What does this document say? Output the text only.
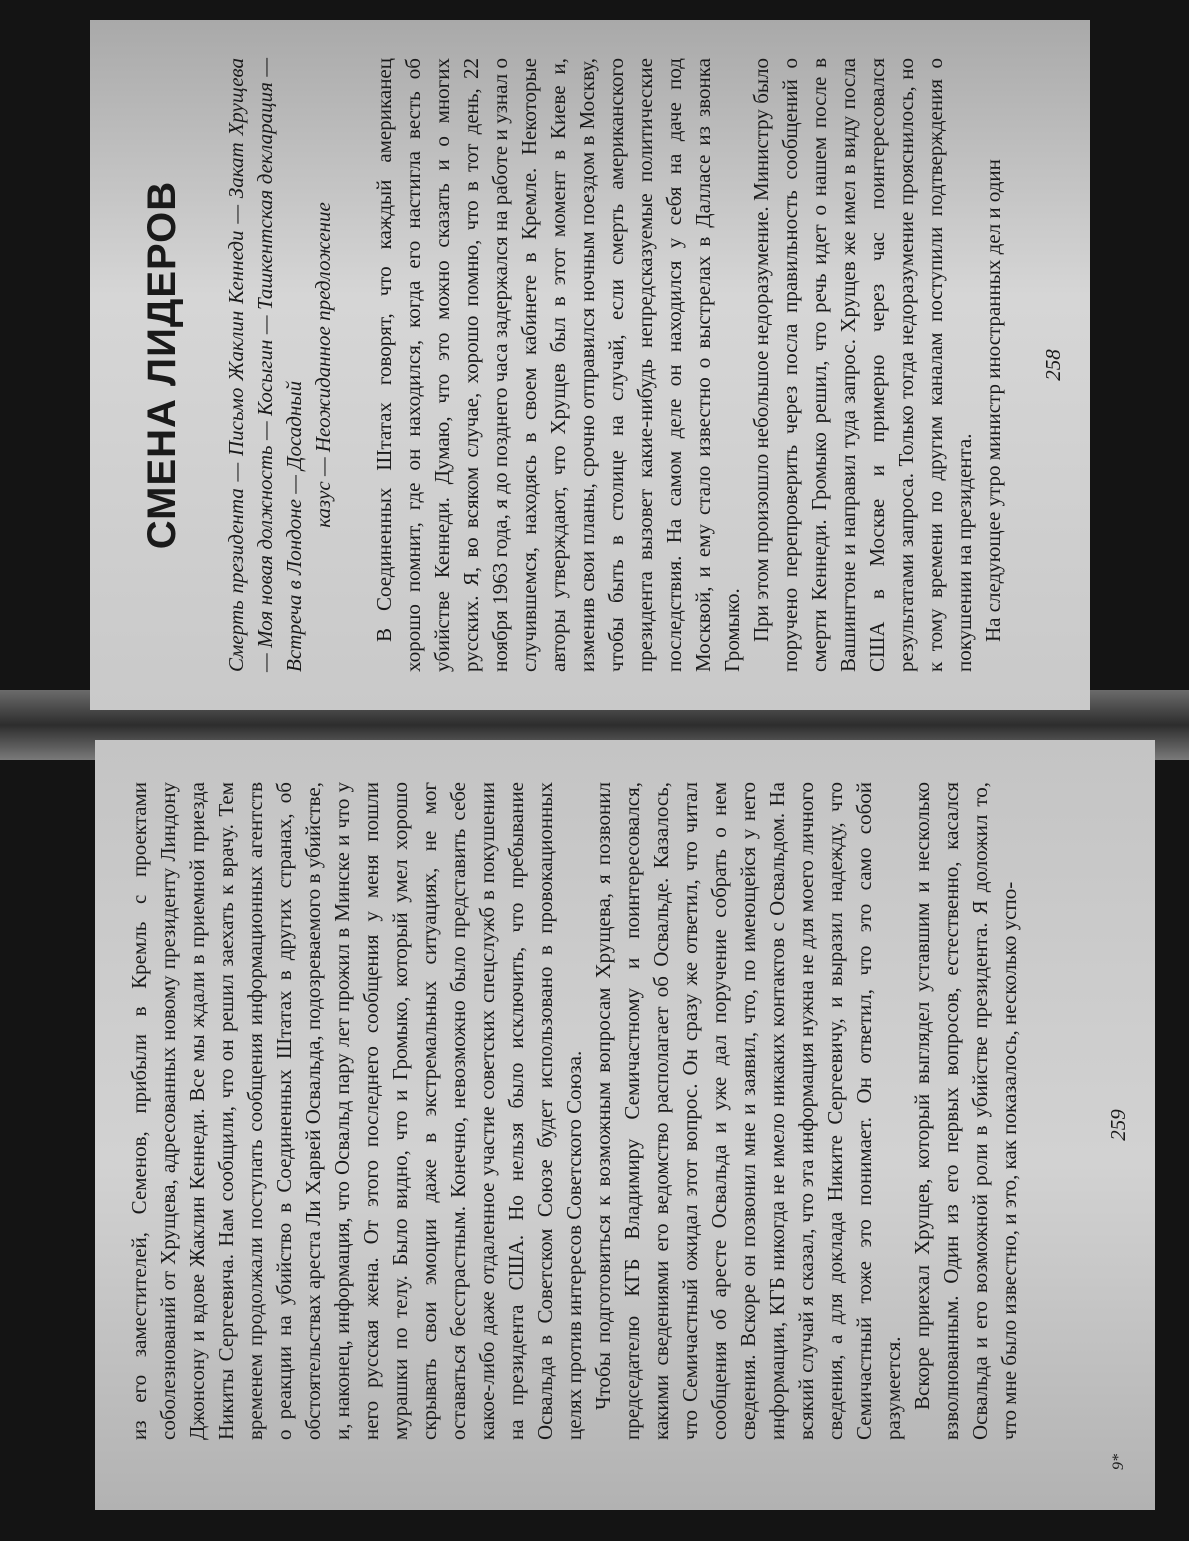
СМЕНА ЛИДЕРОВ Смерть президента — Письмо Жаклин Кеннеди — Закат Хрущева — Моя новая должность — Косыгин — Ташкентская декларация — Встреча в Лондоне — Досадный казус — Неожиданное предложение В Соединенных Штатах говорят, что каждый американец хорошо помнит, где он находился, когда его настигла весть об убийстве Кеннеди. Думаю, что это можно сказать и о многих русских. Я, во всяком случае, хорошо помню, что в тот день, 22 ноября 1963 года, я до позднего часа задержался на работе и узнал о случившемся, находясь в своем кабинете в Кремле. Некоторые авторы утверждают, что Хрущев был в этот момент в Киеве и, изменив свои планы, срочно отправился ночным поездом в Москву, чтобы быть в столице на случай, если смерть американского президента вызовет какие-нибудь непредсказуемые политические последствия. На самом деле он находился у себя на даче под Москвой, и ему стало известно о выстрелах в Далласе из звонка Громыко. При этом произошло небольшое недоразумение. Министру было поручено перепроверить через посла правильность сообщений о смерти Кеннеди. Громыко решил, что речь идет о нашем после в Вашингтоне и направил туда запрос. Хрущев же имел в виду посла США в Москве и примерно через час поинтересовался результатами запроса. Только тогда недоразумение прояснилось, но к тому времени по другим каналам поступили подтверждения о покушении на президента. На следующее утро министр иностранных дел и один 258

из его заместителей, Семенов, прибыли в Кремль с проектами соболезнований от Хрущева, адресованных новому президенту Линдону Джонсону и вдове Жаклин Кеннеди. Все мы ждали в приемной приезда Никиты Сергеевича. Нам сообщили, что он решил заехать к врачу. Тем временем продолжали поступать сообщения информационных агентств о реакции на убийство в Соединенных Штатах в других странах, об обстоятельствах ареста Ли Харвей Освальда, подозреваемого в убийстве, и, наконец, информация, что Освальд пару лет прожил в Минске и что у него русская жена. От этого последнего сообщения у меня пошли мурашки по телу. Было видно, что и Громыко, который умел хорошо скрывать свои эмоции даже в экстремальных ситуациях, не мог оставаться бесстрастным. Конечно, невозможно было представить себе какое-либо даже отдаленное участие советских спецслужб в покушении на президента США. Но нельзя было исключить, что пребывание Освальда в Советском Союзе будет использовано в провокационных целях против интересов Советского Союза. Чтобы подготовиться к возможным вопросам Хрущева, я позвонил председателю КГБ Владимиру Семичастному и поинтересовался, какими сведениями его ведомство располагает об Освальде. Казалось, что Семичастный ожидал этот вопрос. Он сразу же ответил, что читал сообщения об аресте Освальда и уже дал поручение собрать о нем сведения. Вскоре он позвонил мне и заявил, что, по имеющейся у него информации, КГБ никогда не имело никаких контактов с Освальдом. На всякий случай я сказал, что эта информация нужна не для моего личного сведения, а для доклада Никите Сергеевичу, и выразил надежду, что Семичастный тоже это понимает. Он ответил, что это само собой разумеется. Вскоре приехал Хрущев, который выглядел уставшим и несколько взволнованным. Один из его первых вопросов, естественно, касался Освальда и его возможной роли в убийстве президента. Я доложил то, что мне было известно, и это, как показалось, несколько успо-

9*
259
